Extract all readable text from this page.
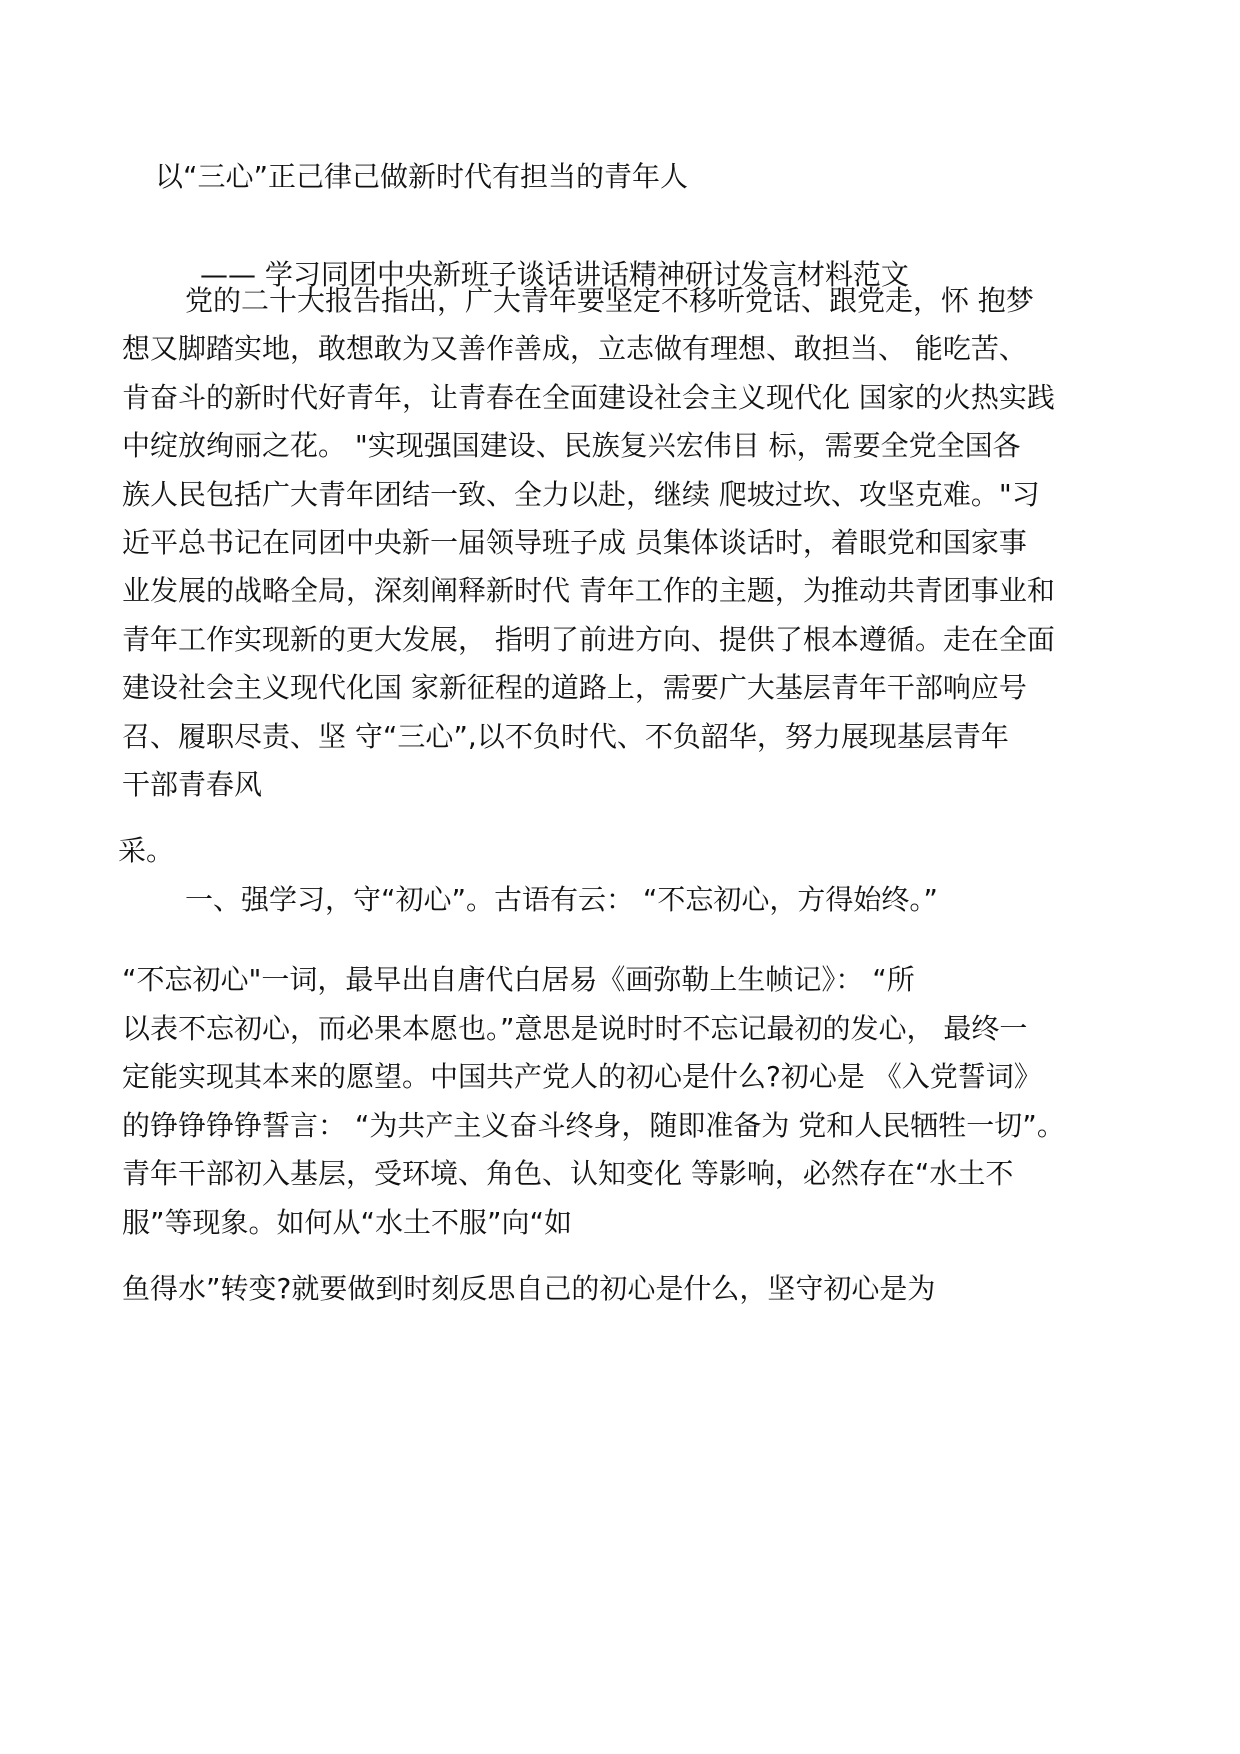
以“三心”正己律己做新时代有担当的青年人
—— 学习同团中央新班子谈话讲话精神研讨发言材料范文
党的二十大报告指出，广大青年要坚定不移听党话、跟党走，怀 抱梦
想又脚踏实地，敢想敢为又善作善成，立志做有理想、敢担当、 能吃苦、
肯奋斗的新时代好青年，让青春在全面建设社会主义现代化 国家的火热实践
中绽放绚丽之花。 "实现强国建设、民族复兴宏伟目 标，需要全党全国各
族人民包括广大青年团结一致、全力以赴，继续 爬坡过坎、攻坚克难。"习
近平总书记在同团中央新一届领导班子成 员集体谈话时，着眼党和国家事
业发展的战略全局，深刻阐释新时代 青年工作的主题，为推动共青团事业和
青年工作实现新的更大发展， 指明了前进方向、提供了根本遵循。走在全面
建设社会主义现代化国 家新征程的道路上，需要广大基层青年干部响应号
召、履职尽责、坚 守“三心”,以不负时代、不负韶华，努力展现基层青年
干部青春风
采。
一、强学习，守“初心”。古语有云： “不忘初心，方得始终。”
“不忘初心"一词，最早出自唐代白居易《画弥勒上生帧记》： “所
以表不忘初心，而必果本愿也。”意思是说时时不忘记最初的发心， 最终一
定能实现其本来的愿望。中国共产党人的初心是什么?初心是 《入党誓词》
的铮铮铮铮誓言： “为共产主义奋斗终身，随即准备为 党和人民牺牲一切”。
青年干部初入基层，受环境、角色、认知变化 等影响，必然存在“水土不
服”等现象。如何从“水土不服”向“如
鱼得水”转变?就要做到时刻反思自己的初心是什么，坚守初心是为
